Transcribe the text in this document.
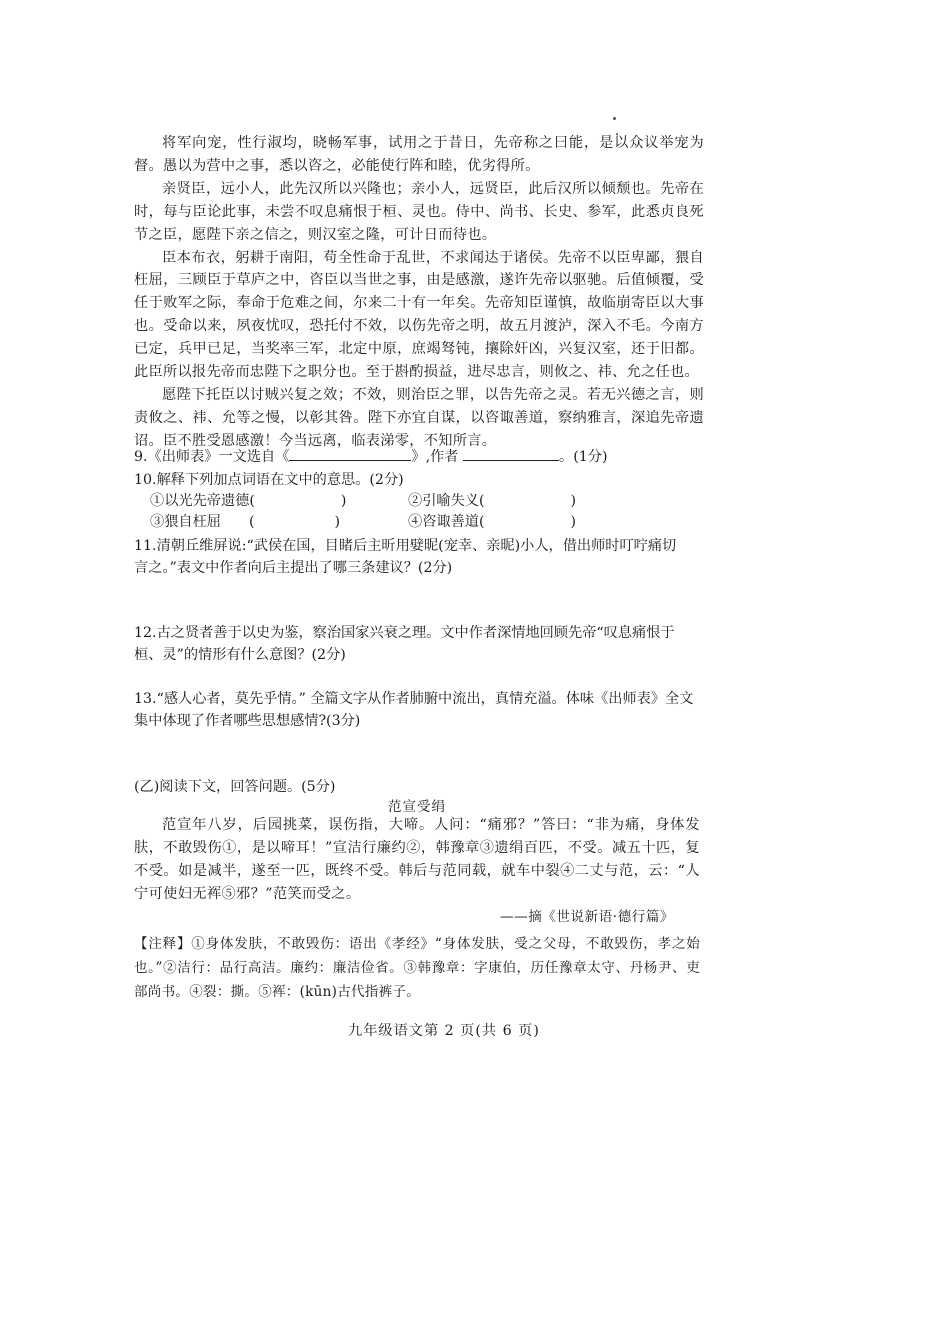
将军向宠，性行淑均，晓畅军事，试用之于昔日，先帝称之曰能，是以众议举宠为督。愚以为营中之事，悉以咨之，必能使行阵和睦，优劣得所。

亲贤臣，远小人，此先汉所以兴隆也；亲小人，远贤臣，此后汉所以倾颓也。先帝在时，每与臣论此事，未尝不叹息痛恨于桓、灵也。侍中、尚书、长史、参军，此悉贞良死节之臣，愿陛下亲之信之，则汉室之隆，可计日而待也。

臣本布衣，躬耕于南阳，苟全性命于乱世，不求闻达于诸侯。先帝不以臣卑鄙，猥自枉屈，三顾臣于草庐之中，咨臣以当世之事，由是感激，遂许先帝以驱驰。后值倾覆，受任于败军之际，奉命于危难之间，尔来二十有一年矣。先帝知臣谨慎，故临崩寄臣以大事也。受命以来，夙夜忧叹，恐托付不效，以伤先帝之明，故五月渡泸，深入不毛。今南方已定，兵甲已足，当奖率三军，北定中原，庶竭驽钝，攘除奸凶，兴复汉室，还于旧都。此臣所以报先帝而忠陛下之职分也。至于斟酌损益，进尽忠言，则攸之、祎、允之任也。

愿陛下托臣以讨贼兴复之效；不效，则治臣之罪，以告先帝之灵。若无兴德之言，则责攸之、祎、允等之慢，以彰其咎。陛下亦宜自谋，以咨诹善道，察纳雅言，深追先帝遗诏。臣不胜受恩感激！今当远离，临表涕零，不知所言。

9.《出师表》一文选自《	》,作者	。(1分)
10.解释下列加点词语在文中的意思。(2分)
①以光先帝遗德(	)	②引喻失义(	)
③猥自枉屈 (	)	④咨诹善道(	)
11.清朝丘维屏说:“武侯在国，目睹后主昕用嬖昵(宠幸、亲昵)小人，借出师时叮咛痛切
言之。”表文中作者向后主提出了哪三条建议？(2分)
12.古之贤者善于以史为鉴，察治国家兴衰之理。文中作者深情地回顾先帝“叹息痛恨于
桓、灵”的情形有什么意图？(2分)
13.“感人心者，莫先乎情。” 全篇文字从作者肺腑中流出，真情充溢。体味《出师表》全文
集中体现了作者哪些思想感情?(3分)
(乙)阅读下文，回答问题。(5分)
范宣受绢

范宣年八岁，后园挑菜，误伤指，大啼。人问：“痛邪？”答曰：“非为痛，身体发肤，不敢毁伤①，是以啼耳！”宣洁行廉约②，韩豫章③遗绢百匹，不受。减五十匹，复不受。如是减半，遂至一匹，既终不受。韩后与范同载，就车中裂④二丈与范，云：“人宁可使妇无裈⑤邪？”范笑而受之。

——摘《世说新语·德行篇》
【注释】①身体发肤，不敢毁伤：语出《孝经》“身体发肤，受之父母，不敢毁伤，孝之始也。”②洁行：品行高洁。廉约：廉洁俭省。③韩豫章：字康伯，历任豫章太守、丹杨尹、吏部尚书。④裂：撕。⑤裈：(kūn)古代指裤子。
九年级语文第 2 页(共 6 页)
